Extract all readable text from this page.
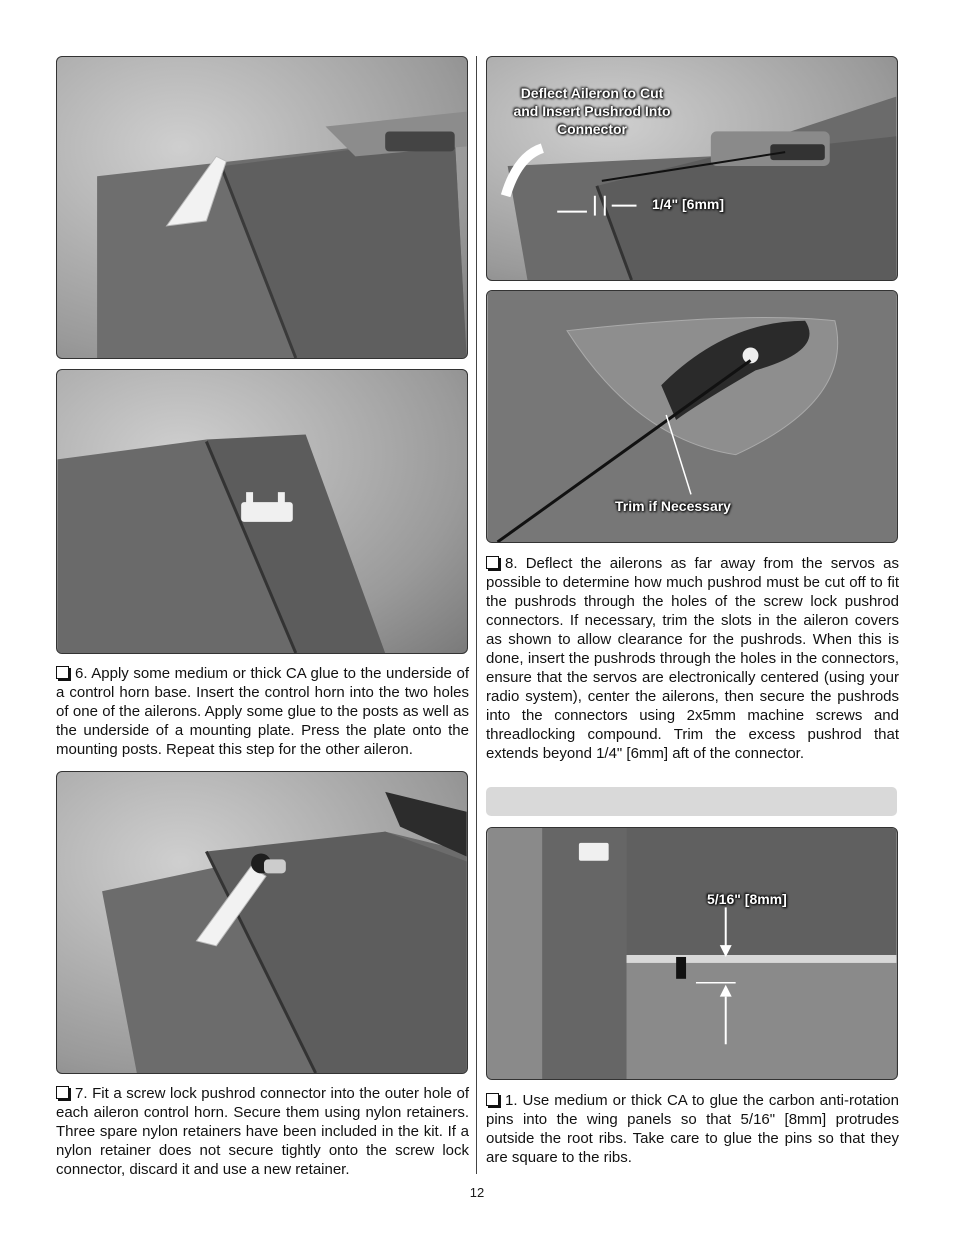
6. Apply some medium or thick CA glue to the underside of a control horn base. Insert the control horn into the two holes of one of the ailerons. Apply some glue to the posts as well as the underside of a mounting plate. Press the plate onto the mounting posts. Repeat this step for the other aileron.
7. Fit a screw lock pushrod connector into the outer hole of each aileron control horn. Secure them using nylon retainers. Three spare nylon retainers have been included in the kit. If a nylon retainer does not secure tightly onto the screw lock connector, discard it and use a new retainer.
Deflect Aileron to Cut
and Insert Pushrod Into
Connector
1/4" [6mm]
Trim if Necessary
8. Deflect the ailerons as far away from the servos as possible to determine how much pushrod must be cut off to fit the pushrods through the holes of the screw lock pushrod connectors. If necessary, trim the slots in the aileron covers as shown to allow clearance for the pushrods. When this is done, insert the pushrods through the holes in the connectors, ensure that the servos are electronically centered (using your radio system), center the ailerons, then secure the pushrods into the connectors using 2x5mm machine screws and threadlocking compound. Trim the excess pushrod that extends beyond 1/4" [6mm] aft of the connector.
5/16" [8mm]
1. Use medium or thick CA to glue the carbon anti-rotation pins into the wing panels so that 5/16" [8mm] protrudes outside the root ribs. Take care to glue the pins so that they are square to the ribs.
12
